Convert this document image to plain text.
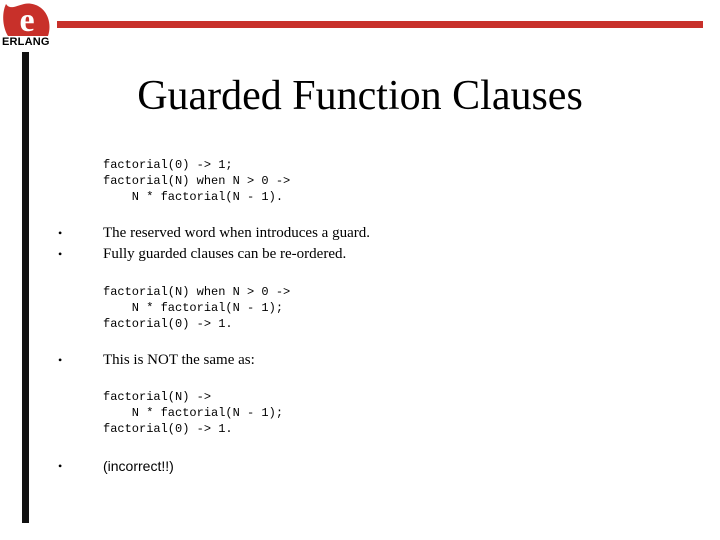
e
ERLANG
Guarded Function Clauses
factorial(0) -> 1;
factorial(N) when N > 0 ->
N * factorial(N - 1).
•	The reserved word when introduces a guard.
•	Fully guarded clauses can be re-ordered.
factorial(N) when N > 0 ->
N * factorial(N - 1);
factorial(0) -> 1.
•	This is NOT the same as:
factorial(N) ->
N * factorial(N - 1);
factorial(0) -> 1.
•	(incorrect!!)
